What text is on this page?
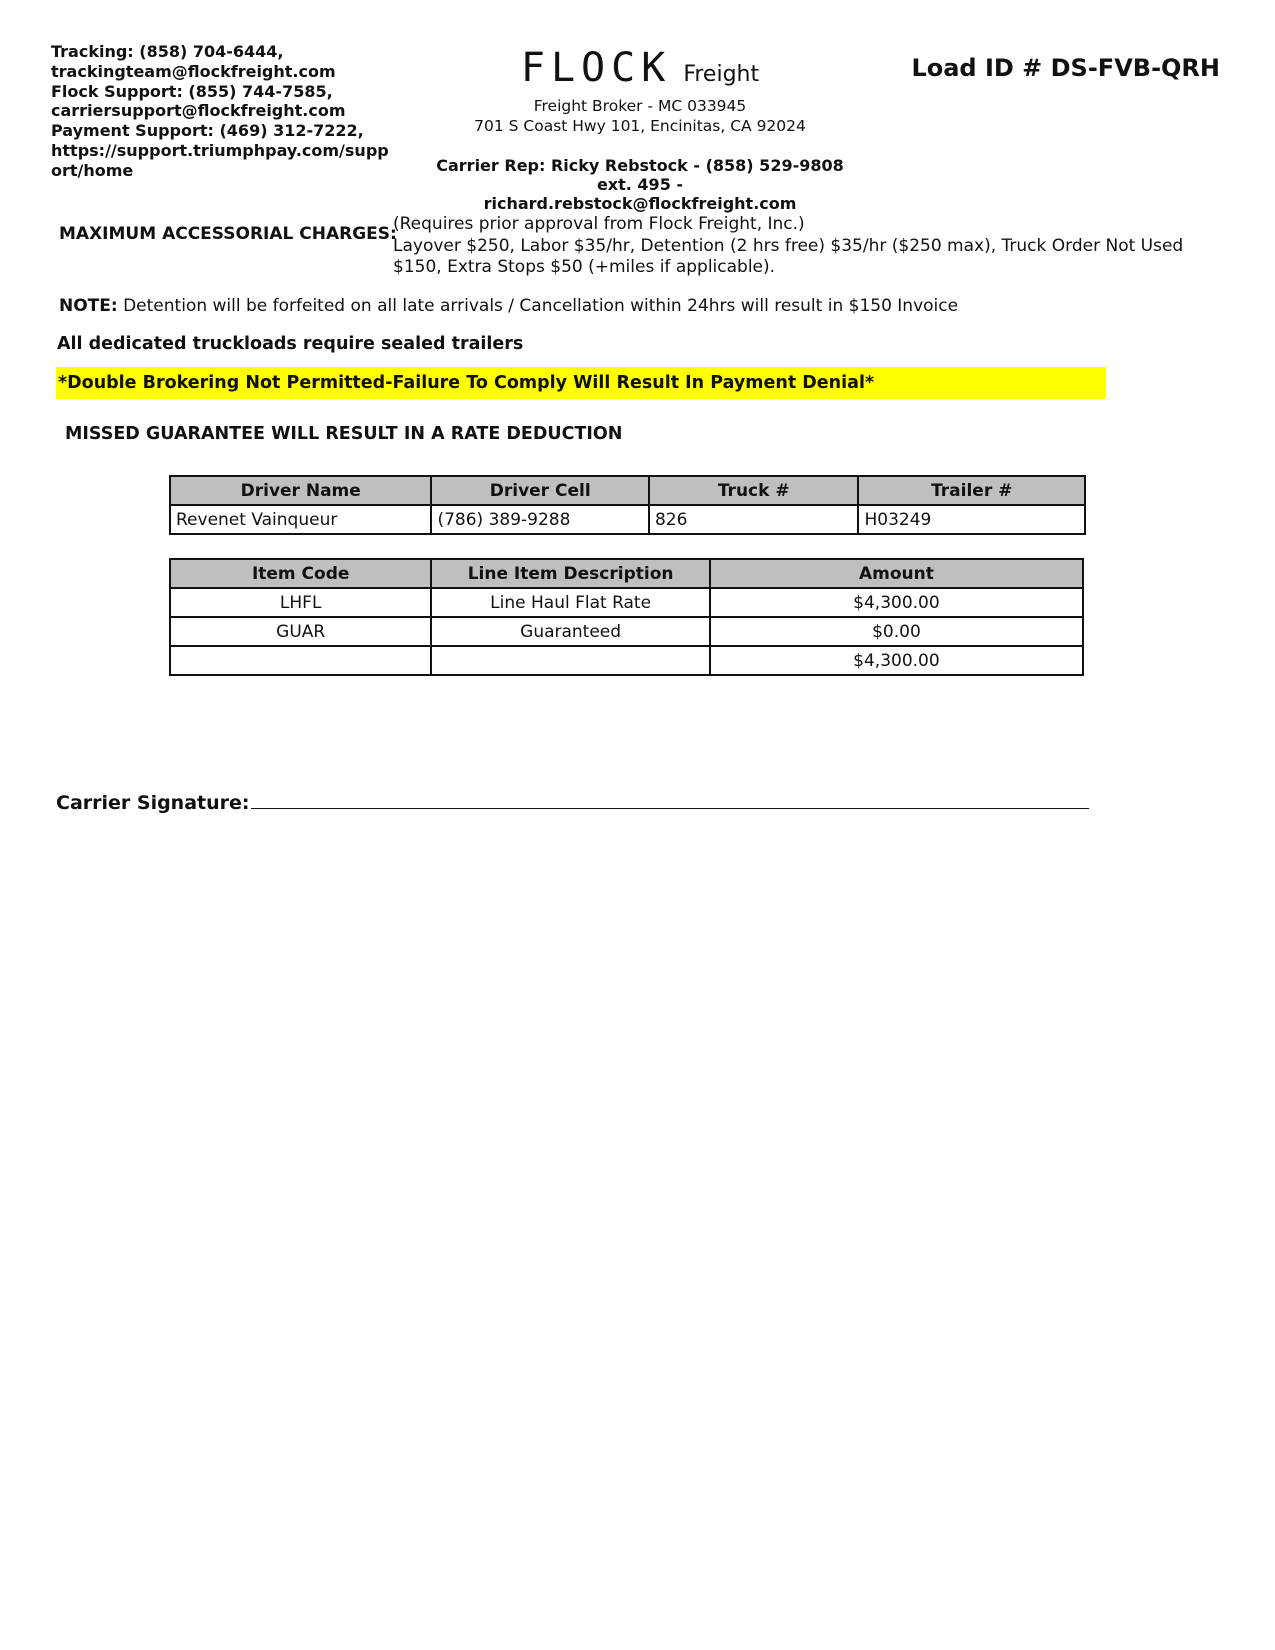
Tracking: (858) 704-6444,
trackingteam@flockfreight.com
Flock Support: (855) 744-7585,
carriersupport@flockfreight.com
Payment Support: (469) 312-7222,
https://support.triumphpay.com/support/home
FLOCK Freight
Freight Broker - MC 033945
701 S Coast Hwy 101, Encinitas, CA 92024
Carrier Rep: Ricky Rebstock - (858) 529-9808 ext. 495 -
richard.rebstock@flockfreight.com
Load ID # DS-FVB-QRH
MAXIMUM ACCESSORIAL CHARGES:
(Requires prior approval from Flock Freight, Inc.)
Layover $250, Labor $35/hr, Detention (2 hrs free) $35/hr ($250 max), Truck Order Not Used $150, Extra Stops $50 (+miles if applicable).
NOTE: Detention will be forfeited on all late arrivals / Cancellation within 24hrs will result in $150 Invoice
All dedicated truckloads require sealed trailers
*Double Brokering Not Permitted-Failure To Comply Will Result In Payment Denial*
MISSED GUARANTEE WILL RESULT IN A RATE DEDUCTION
Driver Name	Driver Cell	Truck #	Trailer #
Revenet Vainqueur	(786) 389-9288	826	H03249
Item Code	Line Item Description	Amount
LHFL	Line Haul Flat Rate	$4,300.00
GUAR	Guaranteed	$0.00
		$4,300.00
Carrier Signature:
